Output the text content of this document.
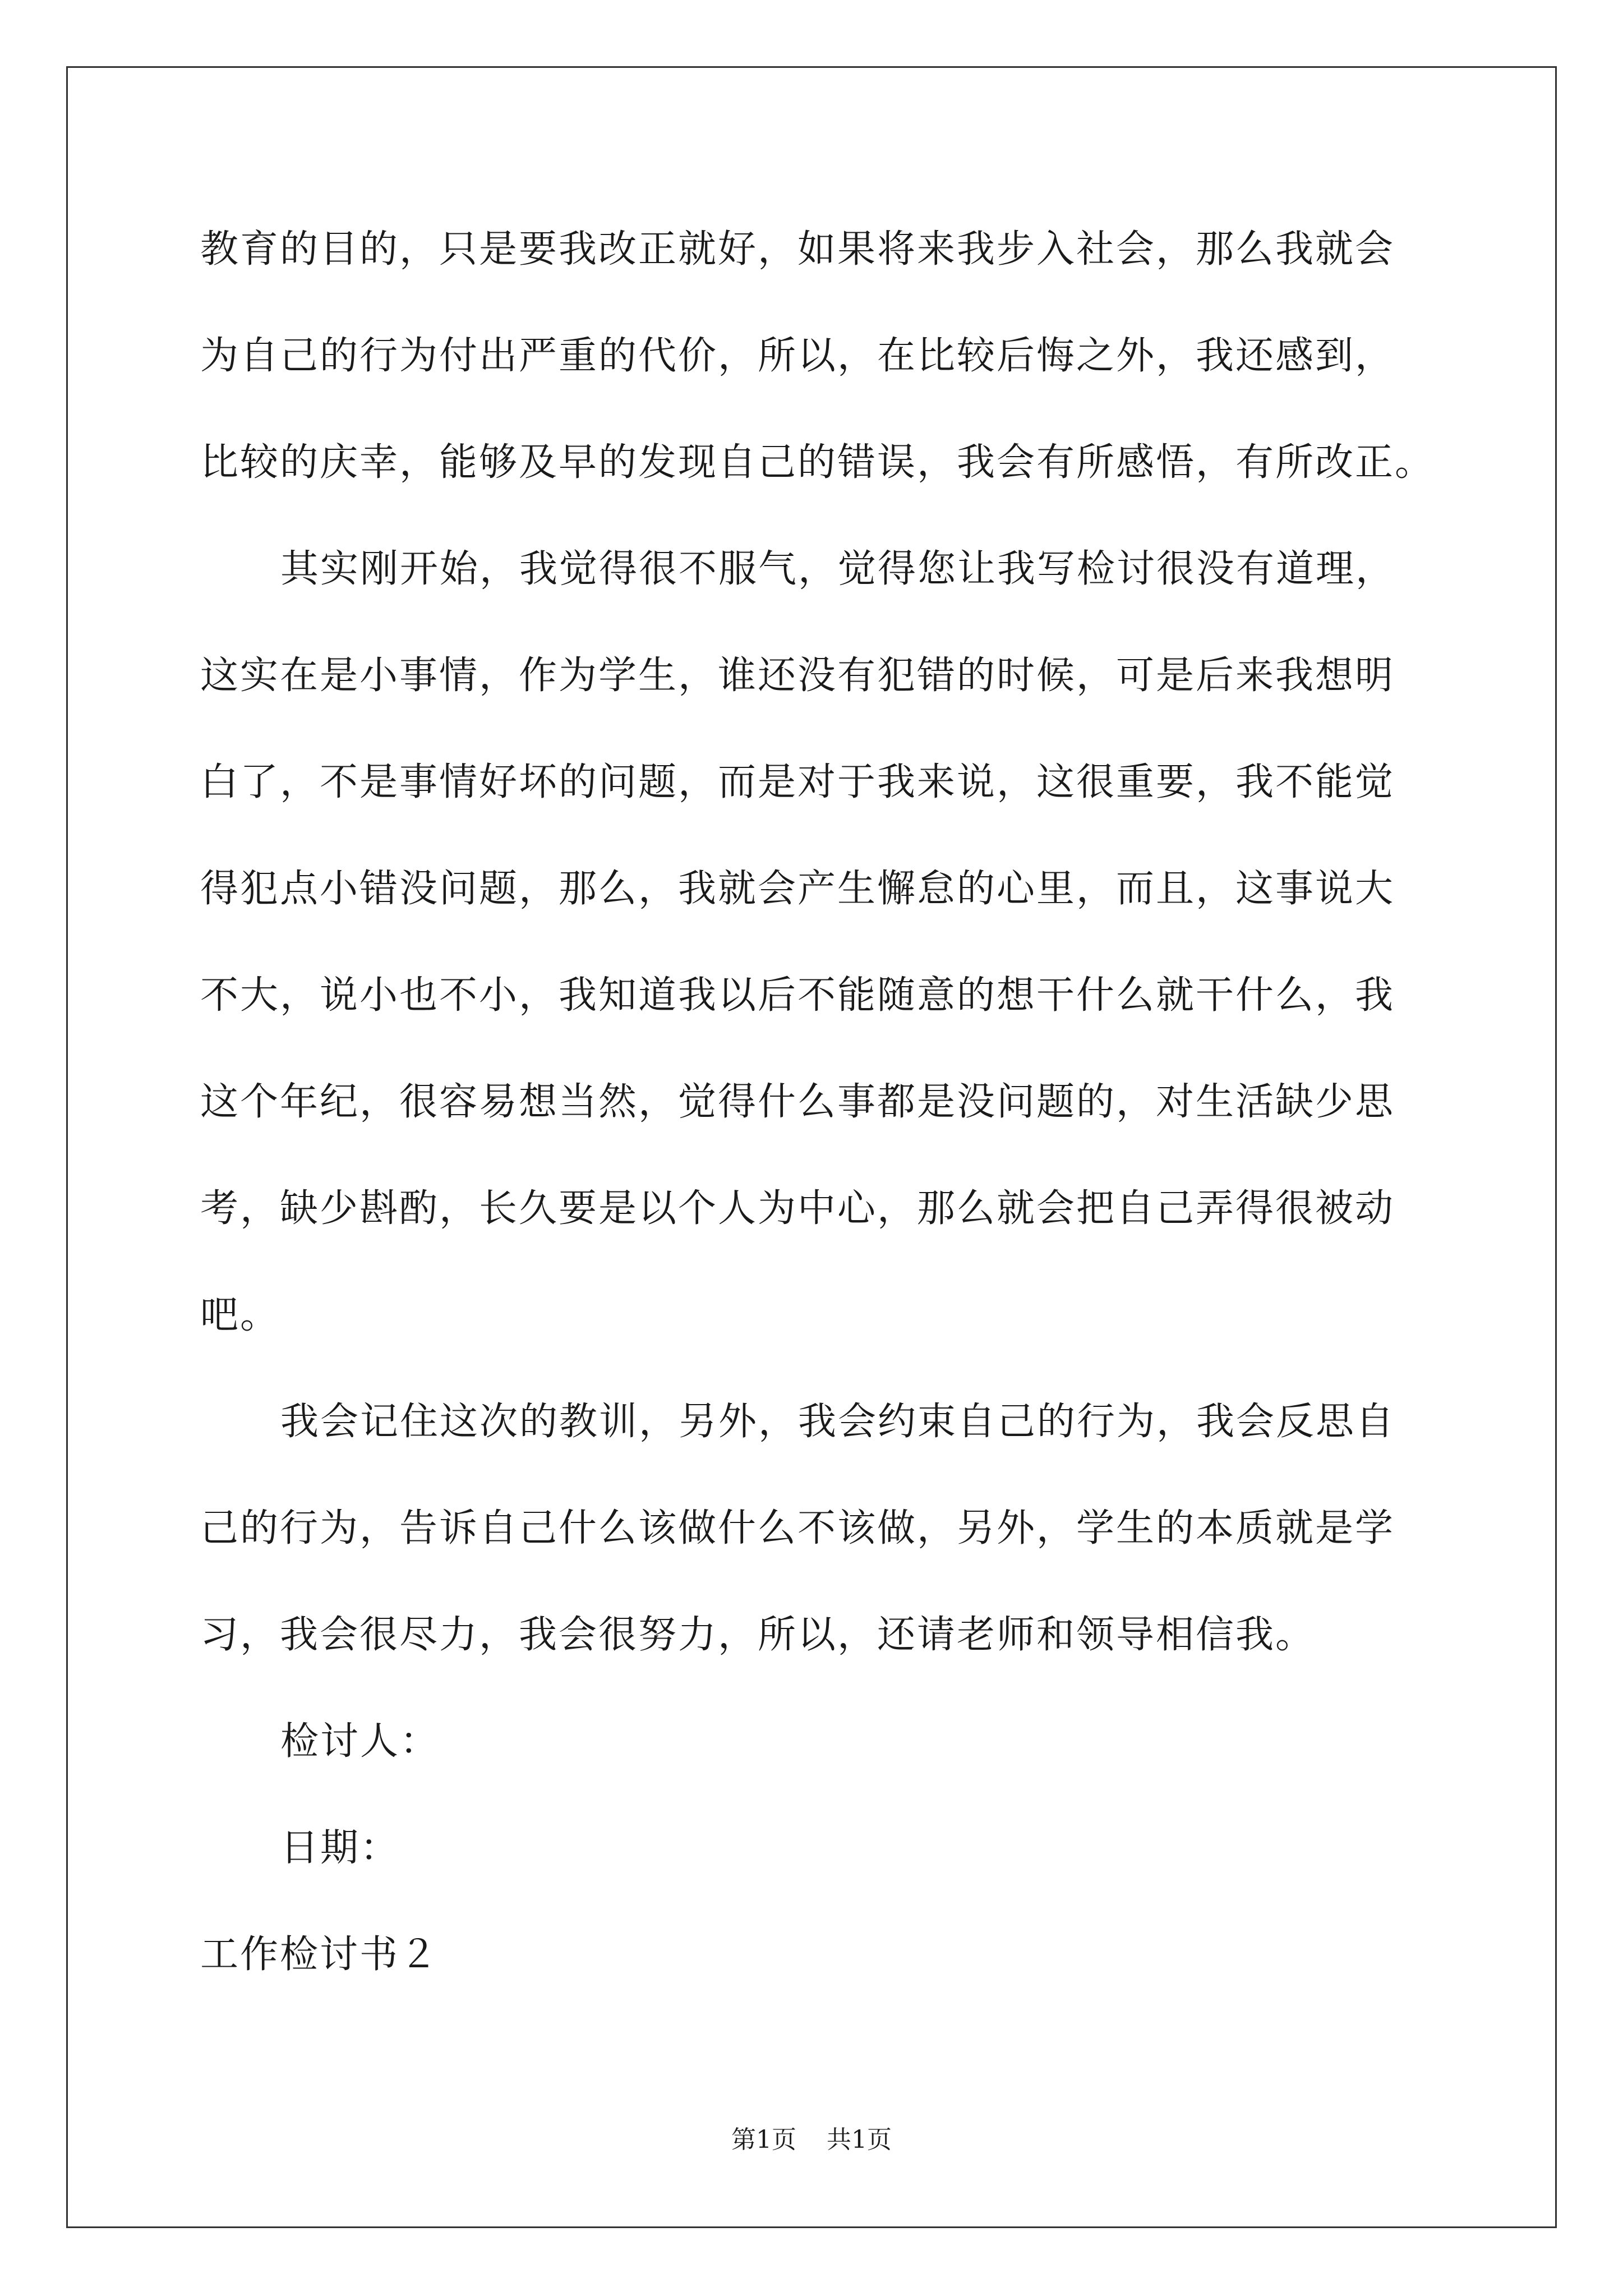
教育的目的，只是要我改正就好，如果将来我步入社会，那么我就会

为自己的行为付出严重的代价，所以，在比较后悔之外，我还感到，

比较的庆幸，能够及早的发现自己的错误，我会有所感悟，有所改正。

其实刚开始，我觉得很不服气，觉得您让我写检讨很没有道理，

这实在是小事情，作为学生，谁还没有犯错的时候，可是后来我想明

白了，不是事情好坏的问题，而是对于我来说，这很重要，我不能觉

得犯点小错没问题，那么，我就会产生懈怠的心里，而且，这事说大

不大，说小也不小，我知道我以后不能随意的想干什么就干什么，我

这个年纪，很容易想当然，觉得什么事都是没问题的，对生活缺少思

考，缺少斟酌，长久要是以个人为中心，那么就会把自己弄得很被动

吧。

我会记住这次的教训，另外，我会约束自己的行为，我会反思自

己的行为，告诉自己什么该做什么不该做，另外，学生的本质就是学

习，我会很尽力，我会很努力，所以，还请老师和领导相信我。

检讨人：

日期：

工作检讨书２

第1页 共1页
